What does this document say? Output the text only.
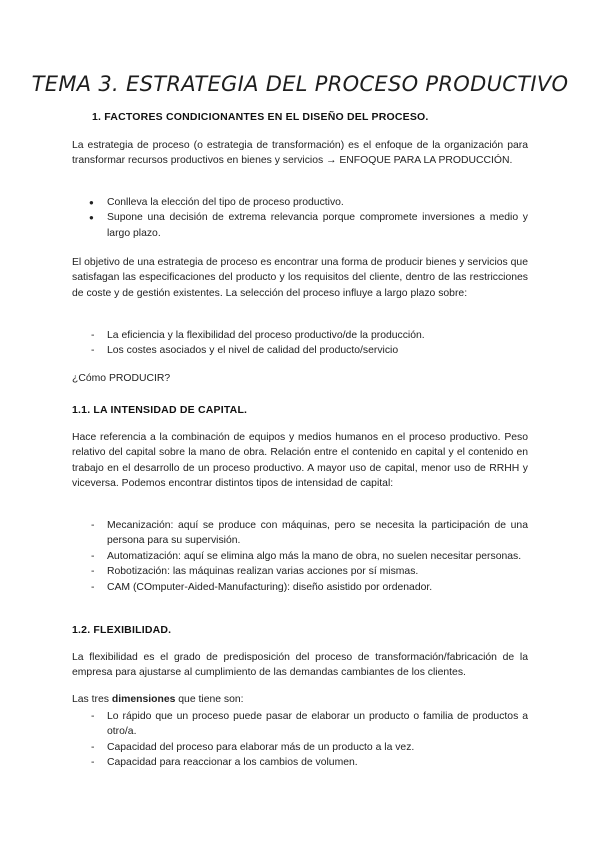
TEMA 3. ESTRATEGIA DEL PROCESO PRODUCTIVO
1. FACTORES CONDICIONANTES EN EL DISEÑO DEL PROCESO.

La estrategia de proceso (o estrategia de transformación) es el enfoque de la organización para transformar recursos productivos en bienes y servicios → ENFOQUE PARA LA PRODUCCIÓN.

● Conlleva la elección del tipo de proceso productivo.
● Supone una decisión de extrema relevancia porque compromete inversiones a medio y largo plazo.

El objetivo de una estrategia de proceso es encontrar una forma de producir bienes y servicios que satisfagan las especificaciones del producto y los requisitos del cliente, dentro de las restricciones de coste y de gestión existentes. La selección del proceso influye a largo plazo sobre:

- La eficiencia y la flexibilidad del proceso productivo/de la producción.
- Los costes asociados y el nivel de calidad del producto/servicio

¿Cómo PRODUCIR?

1.1. LA INTENSIDAD DE CAPITAL.

Hace referencia a la combinación de equipos y medios humanos en el proceso productivo. Peso relativo del capital sobre la mano de obra. Relación entre el contenido en capital y el contenido en trabajo en el desarrollo de un proceso productivo. A mayor uso de capital, menor uso de RRHH y viceversa. Podemos encontrar distintos tipos de intensidad de capital:

- Mecanización: aquí se produce con máquinas, pero se necesita la participación de una persona para su supervisión.
- Automatización: aquí se elimina algo más la mano de obra, no suelen necesitar personas.
- Robotización: las máquinas realizan varias acciones por sí mismas.
- CAM (COmputer-Aided-Manufacturing): diseño asistido por ordenador.
1.2. FLEXIBILIDAD.

La flexibilidad es el grado de predisposición del proceso de transformación/fabricación de la empresa para ajustarse al cumplimiento de las demandas cambiantes de los clientes.

Las tres dimensiones que tiene son:

- Lo rápido que un proceso puede pasar de elaborar un producto o familia de productos a otro/a.
- Capacidad del proceso para elaborar más de un producto a la vez.
- Capacidad para reaccionar a los cambios de volumen.
